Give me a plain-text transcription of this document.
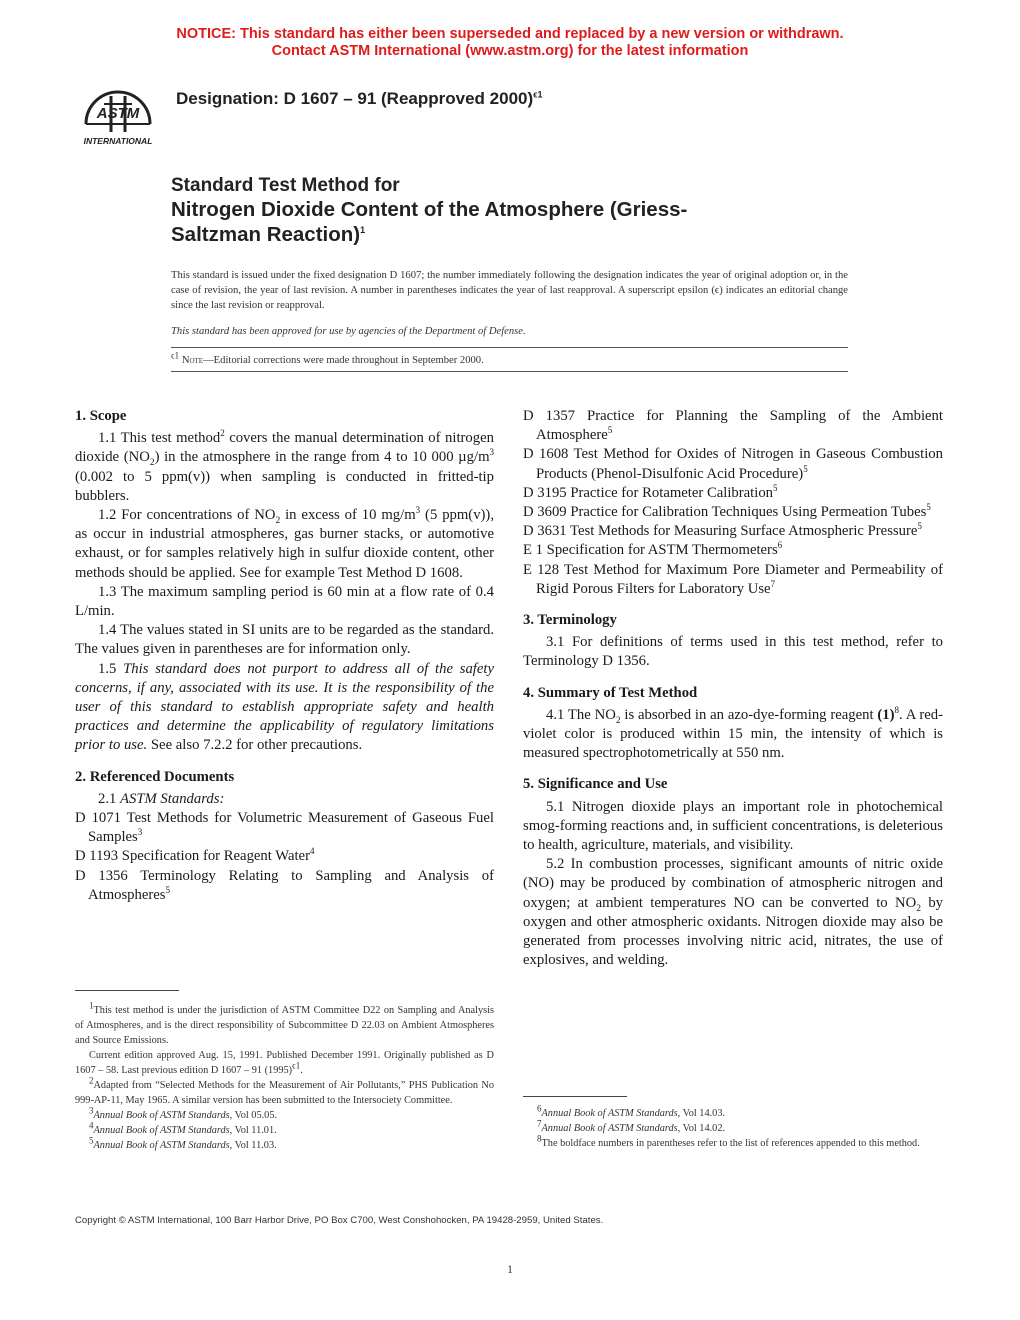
NOTICE: This standard has either been superseded and replaced by a new version or withdrawn.
Contact ASTM International (www.astm.org) for the latest information
ASTM
INTERNATIONAL
Designation: D 1607 – 91 (Reapproved 2000)$^{\epsilon 1}$
Standard Test Method for
Nitrogen Dioxide Content of the Atmosphere (Griess-
Saltzman Reaction)$^1$
This standard is issued under the fixed designation D 1607; the number immediately following the designation indicates the year of original adoption or, in the case of revision, the year of last revision. A number in parentheses indicates the year of last reapproval. A superscript epsilon (ϵ) indicates an editorial change since the last revision or reapproval.
This standard has been approved for use by agencies of the Department of Defense.
$^{\epsilon 1}$ Note—Editorial corrections were made throughout in September 2000.
1. Scope

1.1 This test method$^2$ covers the manual determination of nitrogen dioxide $(NO_2)$ in the atmosphere in the range from 4 to 10 000 $\mu g/m^3$ (0.002 to 5 ppm(v)) when sampling is conducted in fritted-tip bubblers.

1.2 For concentrations of $NO_2$ in excess of 10 $mg/m^3$ (5 ppm(v)), as occur in industrial atmospheres, gas burner stacks, or automotive exhaust, or for samples relatively high in sulfur dioxide content, other methods should be applied. See for example Test Method D 1608.

1.3 The maximum sampling period is 60 min at a flow rate of 0.4 L/min.

1.4 The values stated in SI units are to be regarded as the standard. The values given in parentheses are for information only.

1.5 This standard does not purport to address all of the safety concerns, if any, associated with its use. It is the responsibility of the user of this standard to establish appropriate safety and health practices and determine the applicability of regulatory limitations prior to use. See also 7.2.2 for other precautions.

2. Referenced Documents

2.1 ASTM Standards:

D 1071 Test Methods for Volumetric Measurement of Gaseous Fuel Samples$^3$

D 1193 Specification for Reagent Water$^4$

D 1356 Terminology Relating to Sampling and Analysis of Atmospheres$^5$

D 1357 Practice for Planning the Sampling of the Ambient Atmosphere$^5$

D 1608 Test Method for Oxides of Nitrogen in Gaseous Combustion Products (Phenol-Disulfonic Acid Procedure)$^5$

D 3195 Practice for Rotameter Calibration$^5$

D 3609 Practice for Calibration Techniques Using Permeation Tubes$^5$

D 3631 Test Methods for Measuring Surface Atmospheric Pressure$^5$

E 1 Specification for ASTM Thermometers$^6$

E 128 Test Method for Maximum Pore Diameter and Permeability of Rigid Porous Filters for Laboratory Use$^7$

3. Terminology

3.1 For definitions of terms used in this test method, refer to Terminology D 1356.

4. Summary of Test Method

4.1 The $NO_2$ is absorbed in an azo-dye-forming reagent $(1)^8$. A red-violet color is produced within 15 min, the intensity of which is measured spectrophotometrically at 550 nm.

5. Significance and Use

5.1 Nitrogen dioxide plays an important role in photochemical smog-forming reactions and, in sufficient concentrations, is deleterious to health, agriculture, materials, and visibility.

5.2 In combustion processes, significant amounts of nitric oxide (NO) may be produced by combination of atmospheric nitrogen and oxygen; at ambient temperatures NO can be converted to $NO_2$ by oxygen and other atmospheric oxidants. Nitrogen dioxide may also be generated from processes involving nitric acid, nitrates, the use of explosives, and welding.

$^1$This test method is under the jurisdiction of ASTM Committee D22 on Sampling and Analysis of Atmospheres, and is the direct responsibility of Subcommittee D 22.03 on Ambient Atmospheres and Source Emissions.

Current edition approved Aug. 15, 1991. Published December 1991. Originally published as D 1607 – 58. Last previous edition D 1607 – 91 $(1995)^{\epsilon 1}$.

$^2$Adapted from “Selected Methods for the Measurement of Air Pollutants,” PHS Publication No 999-AP-11, May 1965. A similar version has been submitted to the Intersociety Committee.

$^3$Annual Book of ASTM Standards, Vol 05.05.

$^4$Annual Book of ASTM Standards, Vol 11.01.

$^5$Annual Book of ASTM Standards, Vol 11.03.

$^6$Annual Book of ASTM Standards, Vol 14.03.

$^7$Annual Book of ASTM Standards, Vol 14.02.

$^8$The boldface numbers in parentheses refer to the list of references appended to this method.

Copyright © ASTM International, 100 Barr Harbor Drive, PO Box C700, West Conshohocken, PA 19428-2959, United States.
1
